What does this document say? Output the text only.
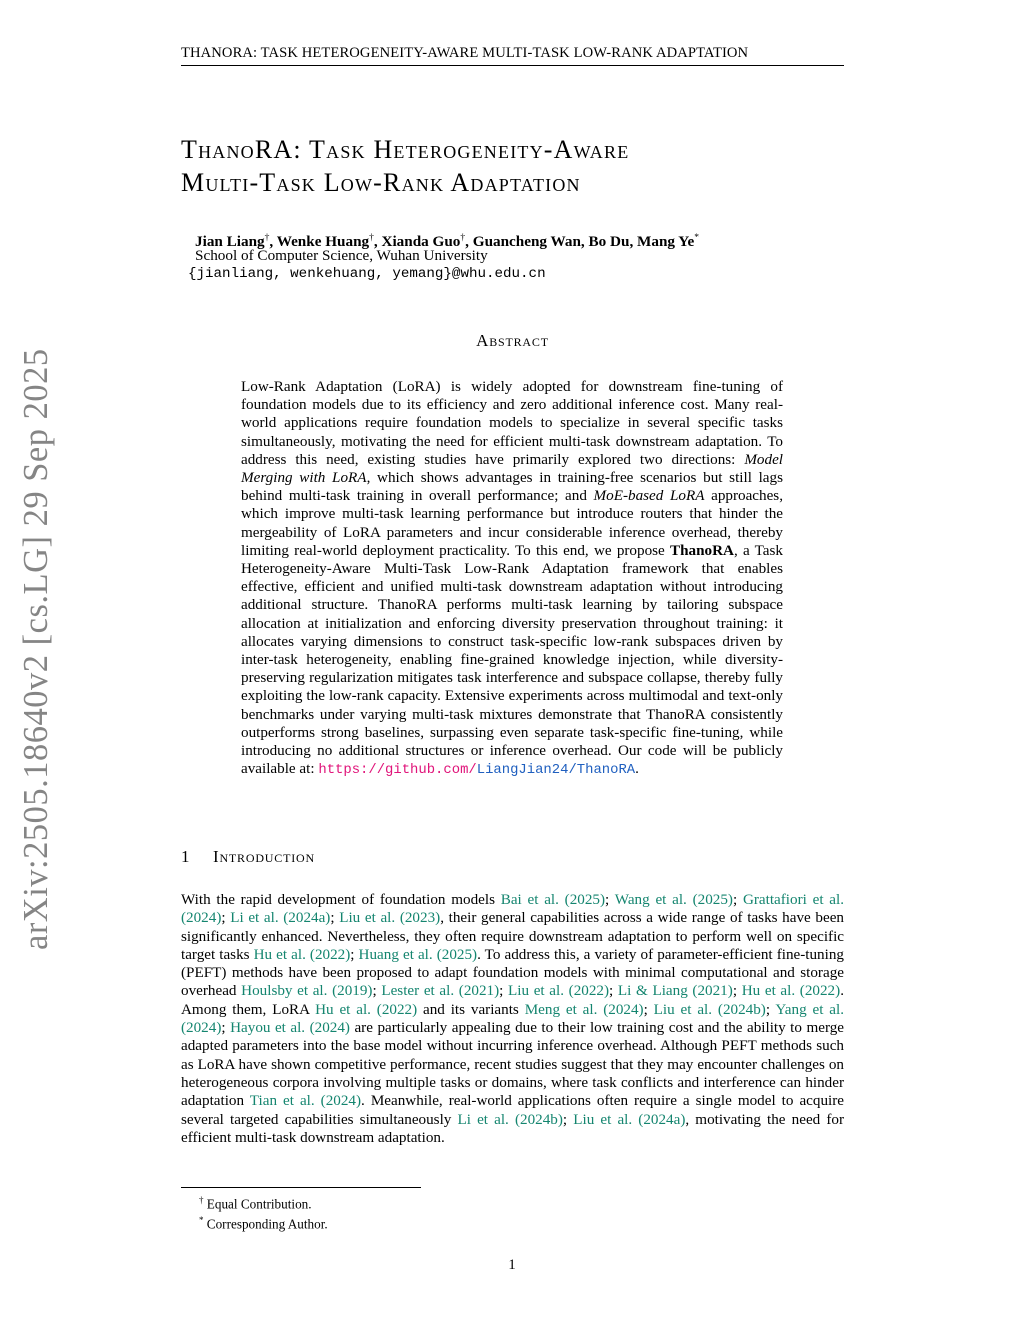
THANORA: TASK HETEROGENEITY-AWARE MULTI-TASK LOW-RANK ADAPTATION
arXiv:2505.18640v2 [cs.LG] 29 Sep 2025
ThanoRA: Task Heterogeneity-Aware
Multi-Task Low-Rank Adaptation
Jian Liang†, Wenke Huang†, Xianda Guo†, Guancheng Wan, Bo Du, Mang Ye*
School of Computer Science, Wuhan University
{jianliang, wenkehuang, yemang}@whu.edu.cn
Abstract
Low-Rank Adaptation (LoRA) is widely adopted for downstream fine-tuning of foundation models due to its efficiency and zero additional inference cost. Many real-world applications require foundation models to specialize in several specific tasks simultaneously, motivating the need for efficient multi-task downstream adaptation. To address this need, existing studies have primarily explored two directions: Model Merging with LoRA, which shows advantages in training-free scenarios but still lags behind multi-task training in overall performance; and MoE-based LoRA approaches, which improve multi-task learning performance but introduce routers that hinder the mergeability of LoRA parameters and incur considerable inference overhead, thereby limiting real-world deployment practicality. To this end, we propose ThanoRA, a Task Heterogeneity-Aware Multi-Task Low-Rank Adaptation framework that enables effective, efficient and unified multi-task downstream adaptation without introducing additional structure. ThanoRA performs multi-task learning by tailoring subspace allocation at initialization and enforcing diversity preservation throughout training: it allocates varying dimensions to construct task-specific low-rank subspaces driven by inter-task heterogeneity, enabling fine-grained knowledge injection, while diversity-preserving regularization mitigates task interference and subspace collapse, thereby fully exploiting the low-rank capacity. Extensive experiments across multimodal and text-only benchmarks under varying multi-task mixtures demonstrate that ThanoRA consistently outperforms strong baselines, surpassing even separate task-specific fine-tuning, while introducing no additional structures or inference overhead. Our code will be publicly available at: https://github.com/LiangJian24/ThanoRA.
1 Introduction
With the rapid development of foundation models Bai et al. (2025); Wang et al. (2025); Grattafiori et al. (2024); Li et al. (2024a); Liu et al. (2023), their general capabilities across a wide range of tasks have been significantly enhanced. Nevertheless, they often require downstream adaptation to perform well on specific target tasks Hu et al. (2022); Huang et al. (2025). To address this, a variety of parameter-efficient fine-tuning (PEFT) methods have been proposed to adapt foundation models with minimal computational and storage overhead Houlsby et al. (2019); Lester et al. (2021); Liu et al. (2022); Li & Liang (2021); Hu et al. (2022). Among them, LoRA Hu et al. (2022) and its variants Meng et al. (2024); Liu et al. (2024b); Yang et al. (2024); Hayou et al. (2024) are particularly appealing due to their low training cost and the ability to merge adapted parameters into the base model without incurring inference overhead. Although PEFT methods such as LoRA have shown competitive performance, recent studies suggest that they may encounter challenges on heterogeneous corpora involving multiple tasks or domains, where task conflicts and interference can hinder adaptation Tian et al. (2024). Meanwhile, real-world applications often require a single model to acquire several targeted capabilities simultaneously Li et al. (2024b); Liu et al. (2024a), motivating the need for efficient multi-task downstream adaptation.
† Equal Contribution.
* Corresponding Author.
1
